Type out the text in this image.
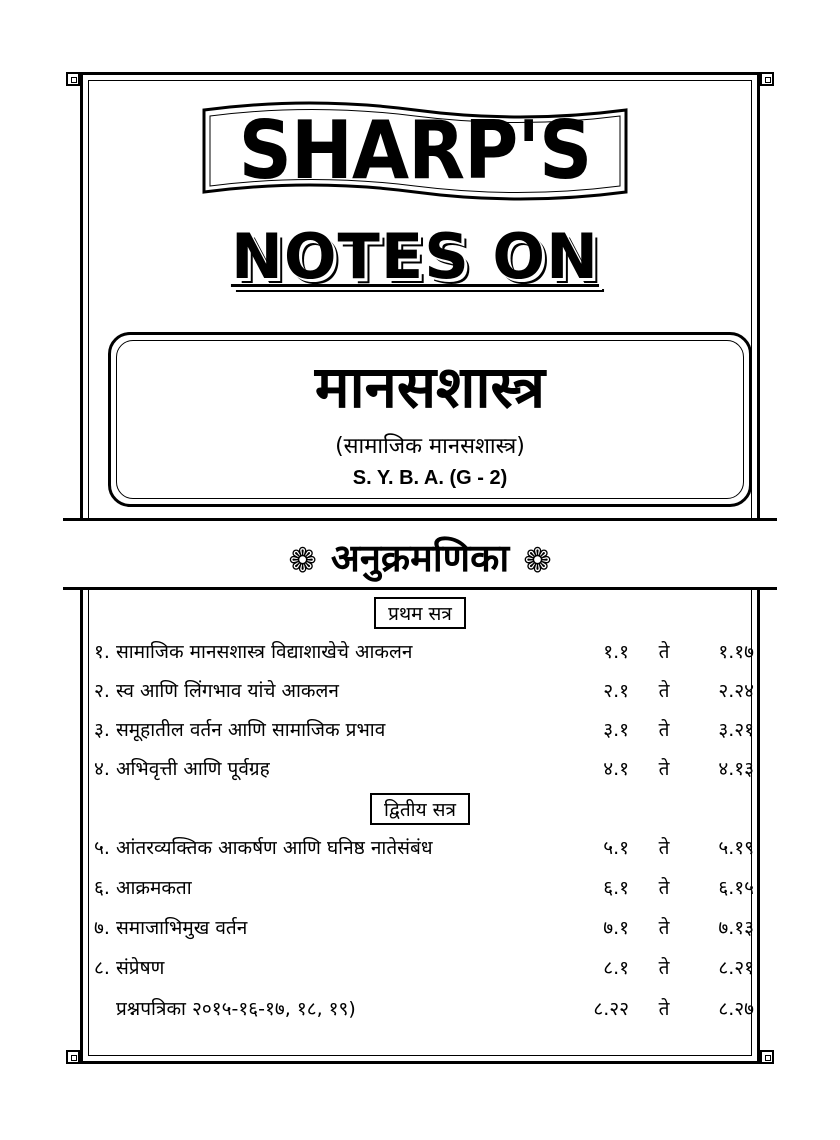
SHARP'S
NOTES ON
मानसशास्त्र
(सामाजिक मानसशास्त्र)
S. Y. B. A. (G - 2)
❁ अनुक्रमणिका ❁
प्रथम सत्र
१. सामाजिक मानसशास्त्र विद्याशाखेचे आकलन	१.१ ते	१.१७
२. स्व आणि लिंगभाव यांचे आकलन	२.१ ते	२.२४
३. समूहातील वर्तन आणि सामाजिक प्रभाव	३.१ ते	३.२१
४. अभिवृत्ती आणि पूर्वग्रह	४.१ ते	४.१३
द्वितीय सत्र
५. आंतरव्यक्तिक आकर्षण आणि घनिष्ठ नातेसंबंध	५.१ ते	५.१९
६. आक्रमकता	६.१ ते	६.१५
७. समाजाभिमुख वर्तन	७.१ ते	७.१३
८. संप्रेषण	८.१ ते	८.२१
प्रश्नपत्रिका २०१५-१६-१७, १८, १९)	८.२२ ते	८.२७
